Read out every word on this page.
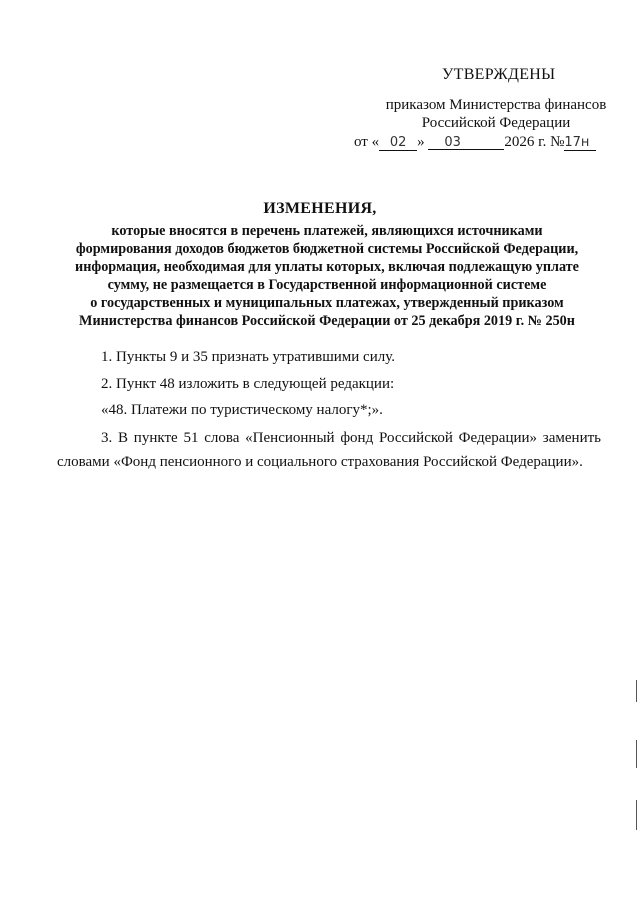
УТВЕРЖДЕНЫ
приказом Министерства финансов
Российской Федерации
от « 02 » 03	2026 г. №17н
ИЗМЕНЕНИЯ,
которые вносятся в перечень платежей, являющихся источниками
формирования доходов бюджетов бюджетной системы Российской Федерации,
информация, необходимая для уплаты которых, включая подлежащую уплате
сумму, не размещается в Государственной информационной системе
о государственных и муниципальных платежах, утвержденный приказом
Министерства финансов Российской Федерации от 25 декабря 2019 г. № 250н
1. Пункты 9 и 35 признать утратившими силу.
2. Пункт 48 изложить в следующей редакции:
«48. Платежи по туристическому налогу*;».
3. В пункте 51 слова «Пенсионный фонд Российской Федерации» заменить
словами «Фонд пенсионного и социального страхования Российской Федерации».
